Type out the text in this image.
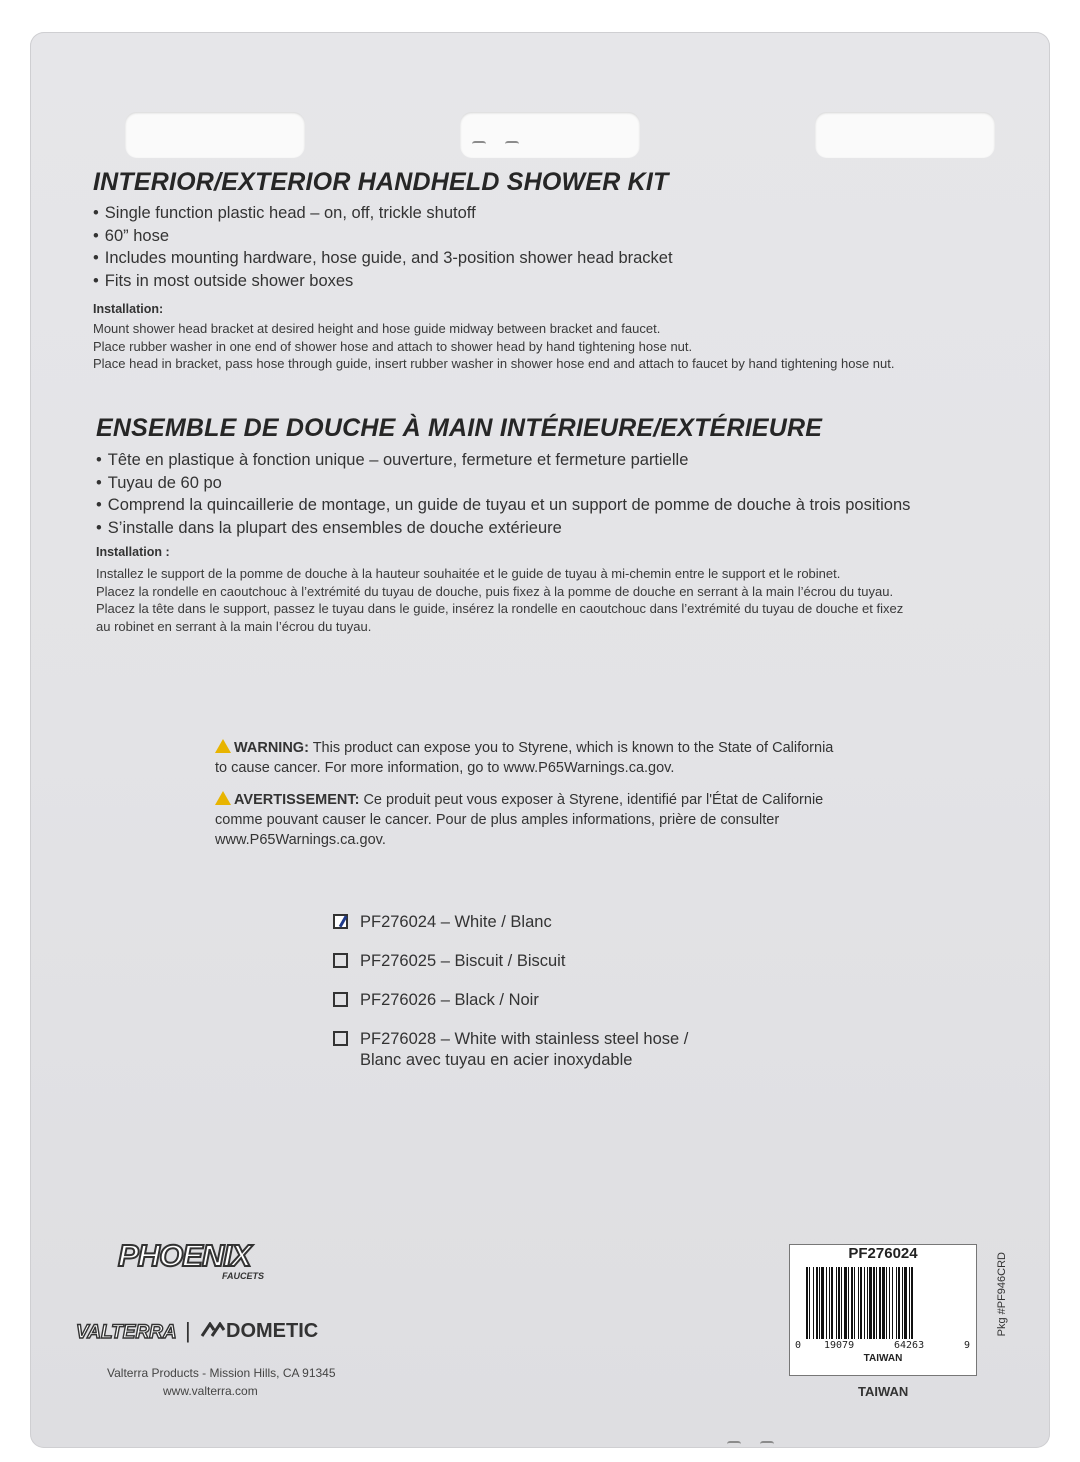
INTERIOR/EXTERIOR HANDHELD SHOWER KIT
• Single function plastic head – on, off, trickle shutoff
• 60” hose
• Includes mounting hardware, hose guide, and 3-position shower head bracket
• Fits in most outside shower boxes
Installation:
Mount shower head bracket at desired height and hose guide midway between bracket and faucet.
Place rubber washer in one end of shower hose and attach to shower head by hand tightening hose nut.
Place head in bracket, pass hose through guide, insert rubber washer in shower hose end and attach to faucet by hand tightening hose nut.
ENSEMBLE DE DOUCHE À MAIN INTÉRIEURE/EXTÉRIEURE
• Tête en plastique à fonction unique – ouverture, fermeture et fermeture partielle
• Tuyau de 60 po
• Comprend la quincaillerie de montage, un guide de tuyau et un support de pomme de douche à trois positions
• S’installe dans la plupart des ensembles de douche extérieure
Installation :
Installez le support de la pomme de douche à la hauteur souhaitée et le guide de tuyau à mi-chemin entre le support et le robinet.
Placez la rondelle en caoutchouc à l’extrémité du tuyau de douche, puis fixez à la pomme de douche en serrant à la main l’écrou du tuyau.
Placez la tête dans le support, passez le tuyau dans le guide, insérez la rondelle en caoutchouc dans l’extrémité du tuyau de douche et fixez
au robinet en serrant à la main l’écrou du tuyau.
WARNING: This product can expose you to Styrene, which is known to the State of California
to cause cancer. For more information, go to www.P65Warnings.ca.gov.
AVERTISSEMENT: Ce produit peut vous exposer à Styrene, identifié par l'État de Californie
comme pouvant causer le cancer. Pour de plus amples informations, prière de consulter
www.P65Warnings.ca.gov.
PF276024 – White / Blanc
PF276025 – Biscuit / Biscuit
PF276026 – Black / Noir
PF276028 – White with stainless steel hose /
Blanc avec tuyau en acier inoxydable
PHOENIX
FAUCETS
VALTERRA |	DOMETIC
Valterra Products - Mission Hills, CA 91345
www.valterra.com
PF276024
0 19079	64263	9
TAIWAN
Pkg #PF946CRD
TAIWAN
